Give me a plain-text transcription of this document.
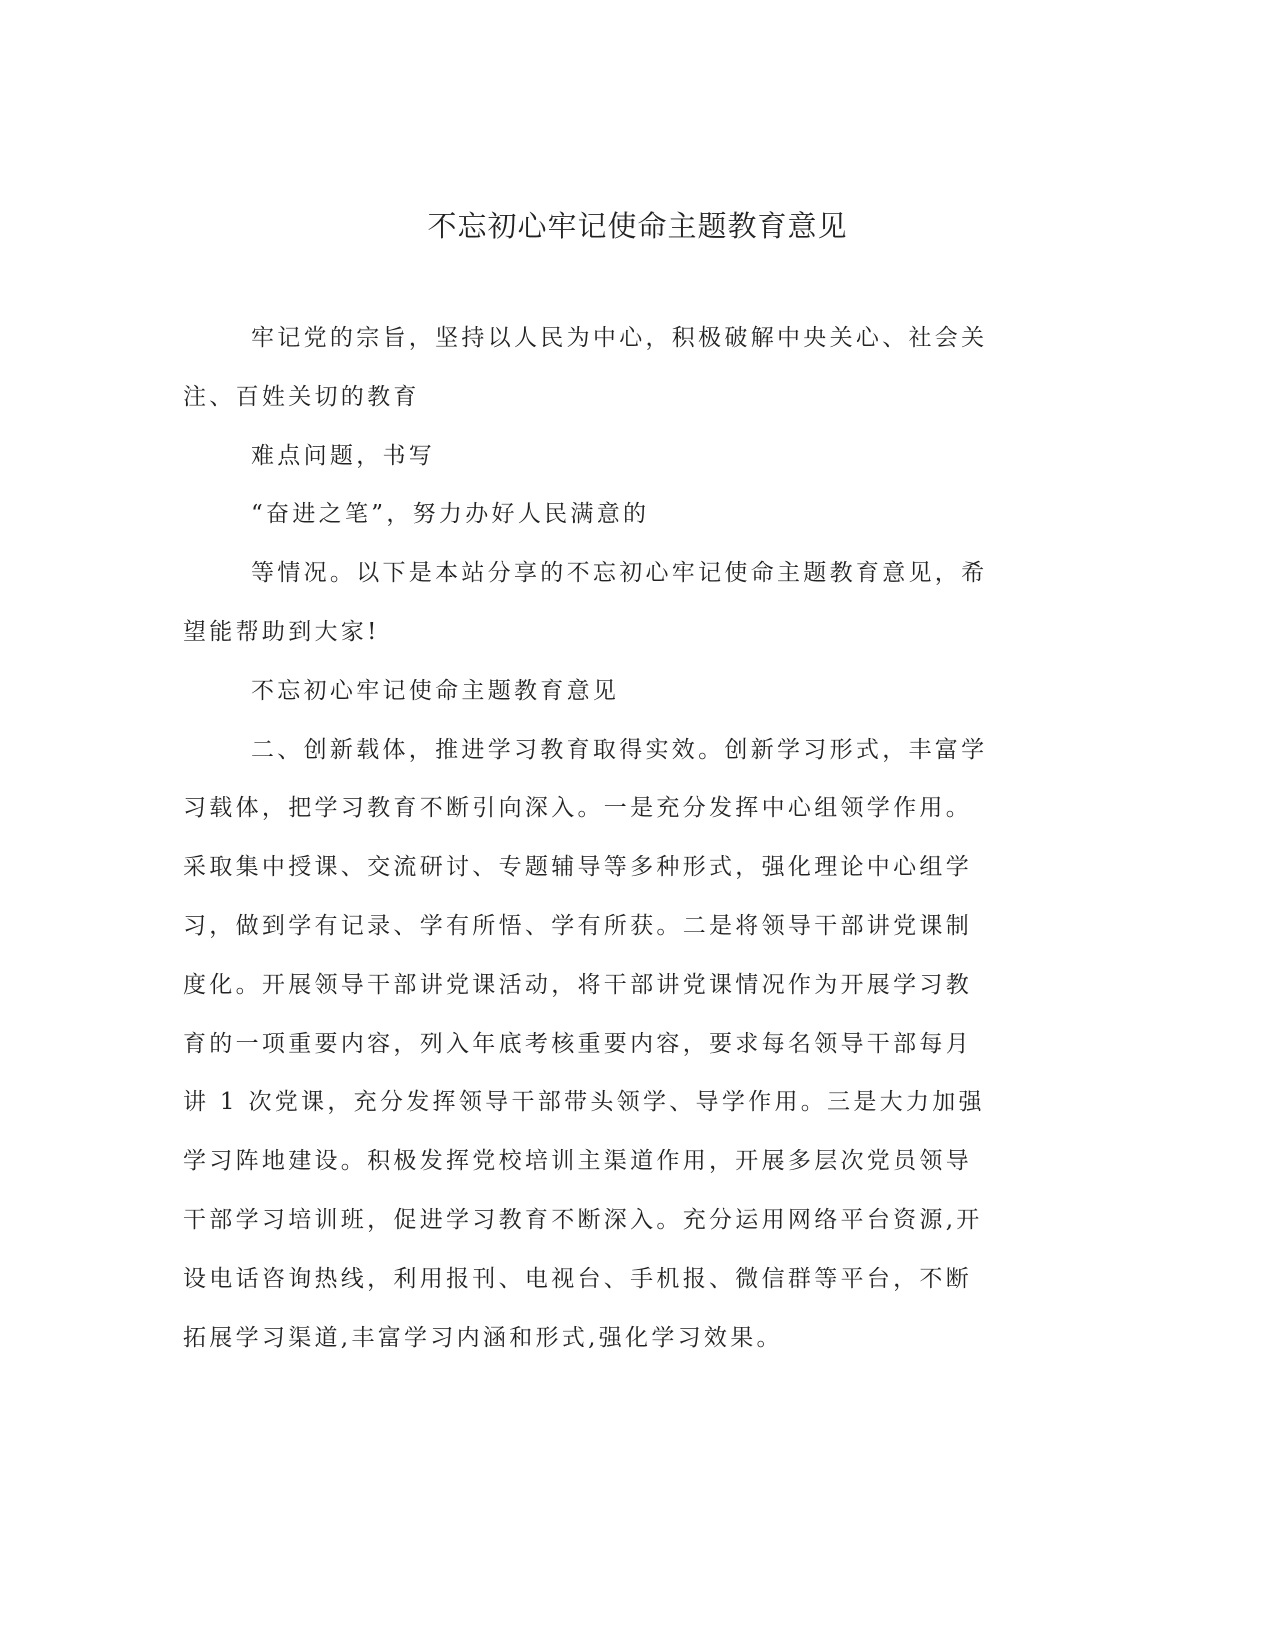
不忘初心牢记使命主题教育意见
牢记党的宗旨，坚持以人民为中心，积极破解中央关心、社会关
注、百姓关切的教育
难点问题，书写
“奋进之笔”，努力办好人民满意的
等情况。以下是本站分享的不忘初心牢记使命主题教育意见，希
望能帮助到大家!
不忘初心牢记使命主题教育意见
二、创新载体，推进学习教育取得实效。创新学习形式，丰富学
习载体，把学习教育不断引向深入。一是充分发挥中心组领学作用。
采取集中授课、交流研讨、专题辅导等多种形式，强化理论中心组学
习，做到学有记录、学有所悟、学有所获。二是将领导干部讲党课制
度化。开展领导干部讲党课活动，将干部讲党课情况作为开展学习教
育的一项重要内容，列入年底考核重要内容，要求每名领导干部每月
讲 1 次党课，充分发挥领导干部带头领学、导学作用。三是大力加强
学习阵地建设。积极发挥党校培训主渠道作用，开展多层次党员领导
干部学习培训班，促进学习教育不断深入。充分运用网络平台资源,开
设电话咨询热线，利用报刊、电视台、手机报、微信群等平台，不断
拓展学习渠道,丰富学习内涵和形式,强化学习效果。
